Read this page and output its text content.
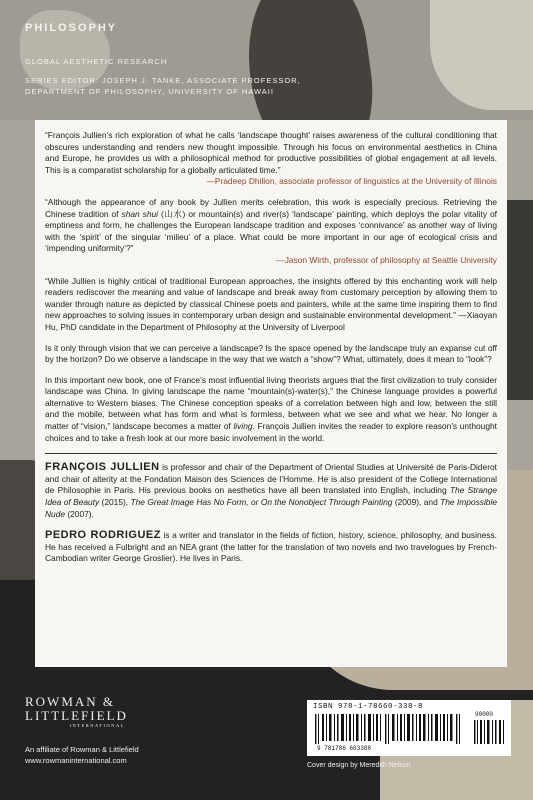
PHILOSOPHY
GLOBAL AESTHETIC RESEARCH
SERIES EDITOR: JOSEPH J. TANKE, ASSOCIATE PROFESSOR,
DEPARTMENT OF PHILOSOPHY, UNIVERSITY OF HAWAII
“François Jullien’s rich exploration of what he calls ‘landscape thought’ raises awareness of the cultural conditioning that obscures understanding and renders new thought impossible. Through his focus on environmental aesthetics in China and Europe, he provides us with a philosophical method for productive possibilities of global engagement at all levels. This is a comparatist scholarship for a globally articulated time.”
—Pradeep Dhillon, associate professor of linguistics at the University of Illinois
“Although the appearance of any book by Jullien merits celebration, this work is especially precious. Retrieving the Chinese tradition of shan shui (山水) or mountain(s) and river(s) ‘landscape’ painting, which deploys the polar vitality of emptiness and form, he challenges the European landscape tradition and exposes ‘connivance’ as another way of living with the ‘spirit’ of the singular ‘milieu’ of a place. What could be more important in our age of ecological crisis and ‘impending uniformity’?”
—Jason Wirth, professor of philosophy at Seattle University
“While Jullien is highly critical of traditional European approaches, the insights offered by this enchanting work will help readers rediscover the meaning and value of landscape and break away from customary perception by allowing them to wander through nature as depicted by classical Chinese poets and painters, while at the same time inspiring them to find new approaches to solving issues in contemporary urban design and sustainable environmental development.” —Xiaoyan Hu, PhD candidate in the Department of Philosophy at the University of Liverpool

Is it only through vision that we can perceive a landscape? Is the space opened by the landscape truly an expanse cut off by the horizon? Do we observe a landscape in the way that we watch a “show”? What, ultimately, does it mean to “look”?

In this important new book, one of France’s most influential living theorists argues that the first civilization to truly consider landscape was China. In giving landscape the name “mountain(s)-water(s),” the Chinese language provides a powerful alternative to Western biases. The Chinese conception speaks of a correlation between high and low, between the still and the mobile, between what has form and what is formless, between what we see and what we hear. No longer a matter of “vision,” landscape becomes a matter of living. François Jullien invites the reader to explore reason’s unthought choices and to take a fresh look at our more basic involvement in the world.

FRANÇOIS JULLIEN is professor and chair of the Department of Oriental Studies at Université de Paris-Diderot and chair of alterity at the Fondation Maison des Sciences de l’Homme. He is also president of the College International de Philosophie in Paris. His previous books on aesthetics have all been translated into English, including The Strange Idea of Beauty (2015), The Great Image Has No Form, or On the Nonobject Through Painting (2009), and The Impossible Nude (2007).

PEDRO RODRIGUEZ is a writer and translator in the fields of fiction, history, science, philosophy, and business. He has received a Fulbright and an NEA grant (the latter for the translation of two novels and two travelogues by French-Cambodian writer George Groslier). He lives in Paris.

ROWMAN &
LITTLEFIELD
INTERNATIONAL
An affiliate of Rowman & Littlefield
www.rowmaninternational.com
ISBN 978-1-78660-338-8
9 781786 603388
90000
Cover design by Meredith Nelson
